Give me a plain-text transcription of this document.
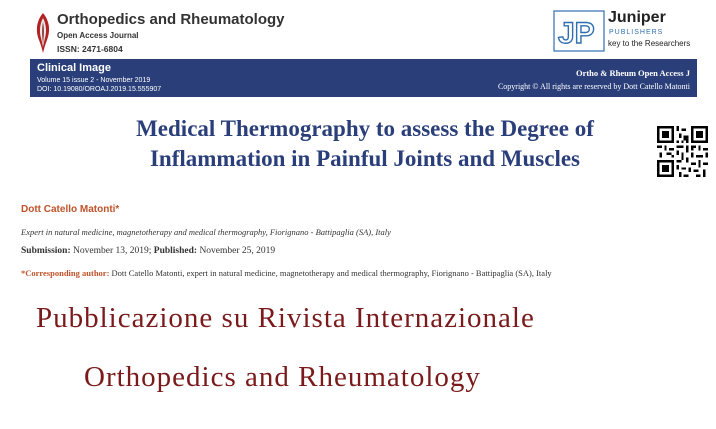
Orthopedics and Rheumatology
Open Access Journal
ISSN: 2471-6804	JP Juniper
PUBLISHERS
key to the Researchers
Clinical Image
Volume 15 issue 2 - November 2019
DOI: 10.19080/OROAJ.2019.15.555907
Ortho & Rheum Open Access J
Copyright © All rights are reserved by Dott Catello Matonti
Medical Thermography to assess the Degree of
Inflammation in Painful Joints and Muscles
Dott Catello Matonti*
Expert in natural medicine, magnetotherapy and medical thermography, Fiorignano - Battipaglia (SA), Italy
Submission: November 13, 2019; Published: November 25, 2019
*Corresponding author: Dott Catello Matonti, expert in natural medicine, magnetotherapy and medical thermography, Fiorignano - Battipaglia (SA), Italy
Pubblicazione su Rivista Internazionale
Orthopedics and Rheumatology
